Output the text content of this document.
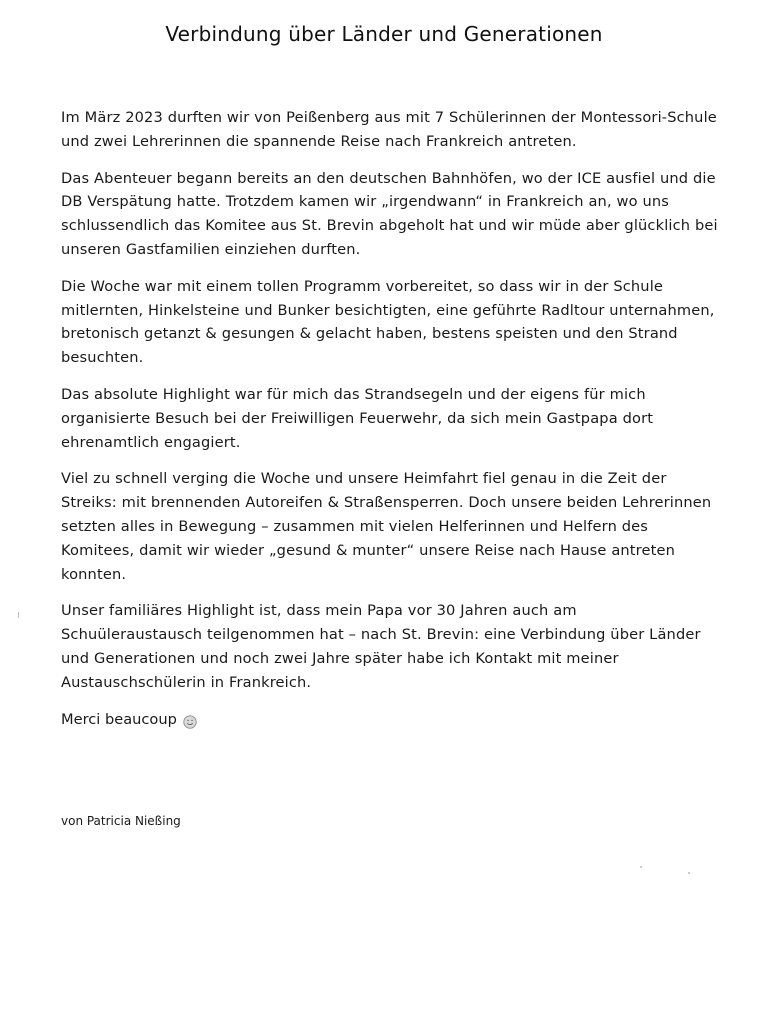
Verbindung über Länder und Generationen

Im März 2023 durften wir von Peißenberg aus mit 7 Schülerinnen der Montessori-Schule und zwei Lehrerinnen die spannende Reise nach Frankreich antreten.

Das Abenteuer begann bereits an den deutschen Bahnhöfen, wo der ICE ausfiel und die DB Verspätung hatte. Trotzdem kamen wir „irgendwann“ in Frankreich an, wo uns schlussendlich das Komitee aus St. Brevin abgeholt hat und wir müde aber glücklich bei unseren Gastfamilien einziehen durften.

Die Woche war mit einem tollen Programm vorbereitet, so dass wir in der Schule mitlernten, Hinkelsteine und Bunker besichtigten, eine geführte Radltour unternahmen, bretonisch getanzt & gesungen & gelacht haben, bestens speisten und den Strand besuchten.

Das absolute Highlight war für mich das Strandsegeln und der eigens für mich organisierte Besuch bei der Freiwilligen Feuerwehr, da sich mein Gastpapa dort ehrenamtlich engagiert.

Viel zu schnell verging die Woche und unsere Heimfahrt fiel genau in die Zeit der Streiks: mit brennenden Autoreifen & Straßensperren. Doch unsere beiden Lehrerinnen setzten alles in Bewegung – zusammen mit vielen Helferinnen und Helfern des Komitees, damit wir wieder „gesund & munter“ unsere Reise nach Hause antreten konnten.

Unser familiäres Highlight ist, dass mein Papa vor 30 Jahren auch am Schuüleraustausch teilgenommen hat – nach St. Brevin: eine Verbindung über Länder und Generationen und noch zwei Jahre später habe ich Kontakt mit meiner Austauschschülerin in Frankreich.

Merci beaucoup

von Patricia Nießing
